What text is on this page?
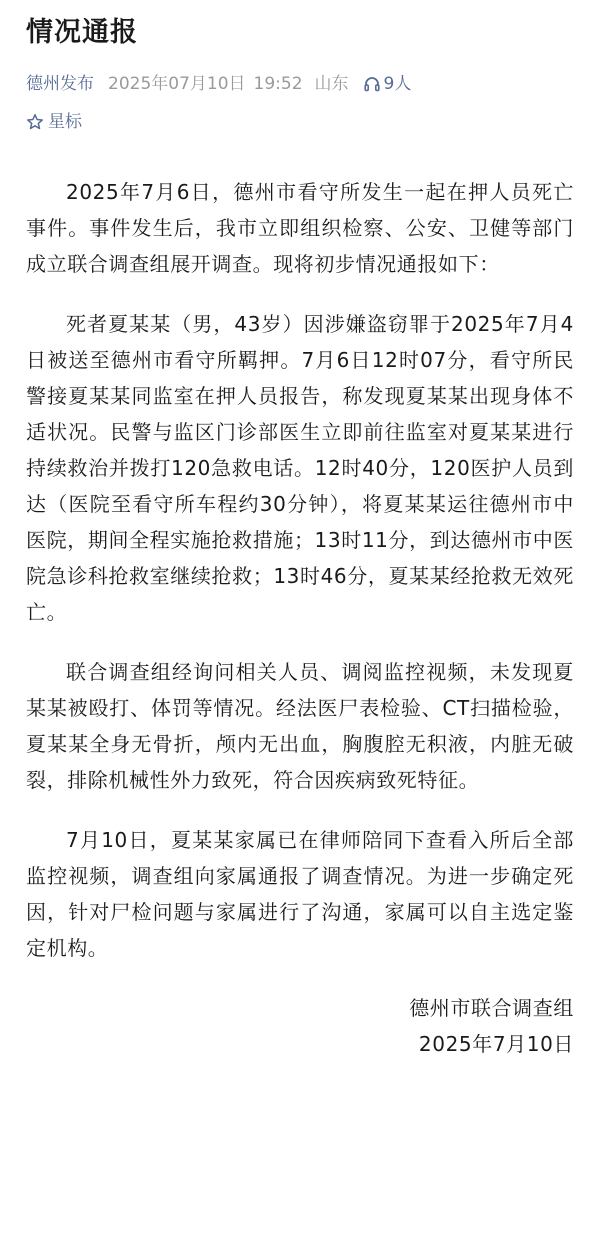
情况通报
德州发布 2025年07月10日 19:52 山东 9人
星标

2025年7月6日，德州市看守所发生一起在押人员死亡事件。事件发生后，我市立即组织检察、公安、卫健等部门成立联合调查组展开调查。现将初步情况通报如下：

死者夏某某（男，43岁）因涉嫌盗窃罪于2025年7月4日被送至德州市看守所羁押。7月6日12时07分，看守所民警接夏某某同监室在押人员报告，称发现夏某某出现身体不适状况。民警与监区门诊部医生立即前往监室对夏某某进行持续救治并拨打120急救电话。12时40分，120医护人员到达（医院至看守所车程约30分钟），将夏某某运往德州市中医院，期间全程实施抢救措施；13时11分，到达德州市中医院急诊科抢救室继续抢救；13时46分，夏某某经抢救无效死亡。

联合调查组经询问相关人员、调阅监控视频，未发现夏某某被殴打、体罚等情况。经法医尸表检验、CT扫描检验，夏某某全身无骨折，颅内无出血，胸腹腔无积液，内脏无破裂，排除机械性外力致死，符合因疾病致死特征。

7月10日，夏某某家属已在律师陪同下查看入所后全部监控视频，调查组向家属通报了调查情况。为进一步确定死因，针对尸检问题与家属进行了沟通，家属可以自主选定鉴定机构。

德州市联合调查组
2025年7月10日
